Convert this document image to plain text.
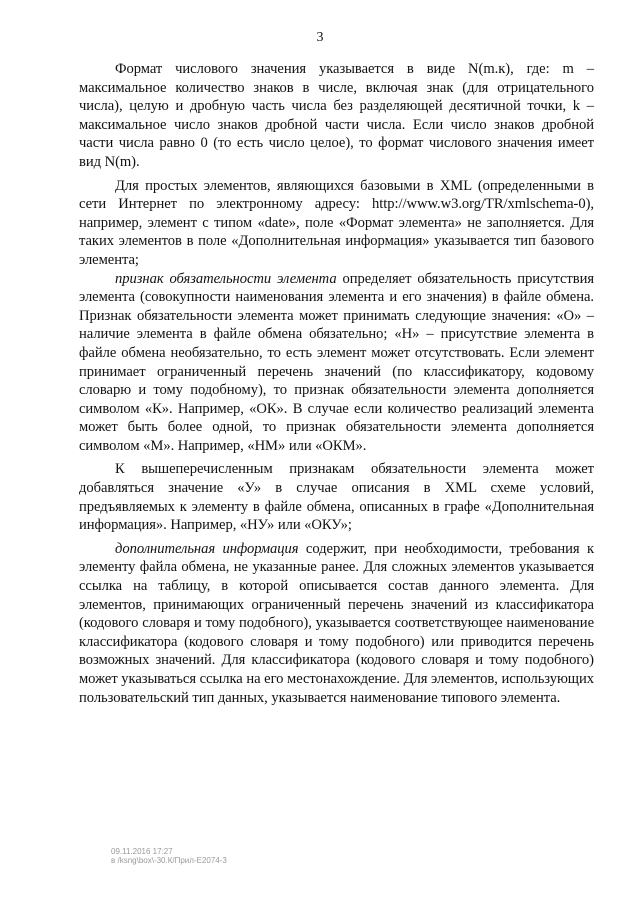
3

Формат числового значения указывается в виде N(m.к), где: m – максимальное количество знаков в числе, включая знак (для отрицательного числа), целую и дробную часть числа без разделяющей десятичной точки, k – максимальное число знаков дробной части числа. Если число знаков дробной части числа равно 0 (то есть число целое), то формат числового значения имеет вид N(m).

Для простых элементов, являющихся базовыми в XML (определенными в сети Интернет по электронному адресу: http://www.w3.org/TR/xmlschema-0), например, элемент с типом «date», поле «Формат элемента» не заполняется. Для таких элементов в поле «Дополнительная информация» указывается тип базового элемента;

признак обязательности элемента определяет обязательность присутствия элемента (совокупности наименования элемента и его значения) в файле обмена. Признак обязательности элемента может принимать следующие значения: «О» – наличие элемента в файле обмена обязательно; «Н» – присутствие элемента в файле обмена необязательно, то есть элемент может отсутствовать. Если элемент принимает ограниченный перечень значений (по классификатору, кодовому словарю и тому подобному), то признак обязательности элемента дополняется символом «К». Например, «ОК». В случае если количество реализаций элемента может быть более одной, то признак обязательности элемента дополняется символом «М». Например, «НМ» или «ОКМ».

К вышеперечисленным признакам обязательности элемента может добавляться значение «У» в случае описания в XML схеме условий, предъявляемых к элементу в файле обмена, описанных в графе «Дополнительная информация». Например, «НУ» или «ОКУ»;

дополнительная информация содержит, при необходимости, требования к элементу файла обмена, не указанные ранее. Для сложных элементов указывается ссылка на таблицу, в которой описывается состав данного элемента. Для элементов, принимающих ограниченный перечень значений из классификатора (кодового словаря и тому подобного), указывается соответствующее наименование классификатора (кодового словаря и тому подобного) или приводится перечень возможных значений. Для классификатора (кодового словаря и тому подобного) может указываться ссылка на его местонахождение. Для элементов, использующих пользовательский тип данных, указывается наименование типового элемента.

09.11.2016 17:27
в /ksng\box\-30.К/Прил-Е2074-3
